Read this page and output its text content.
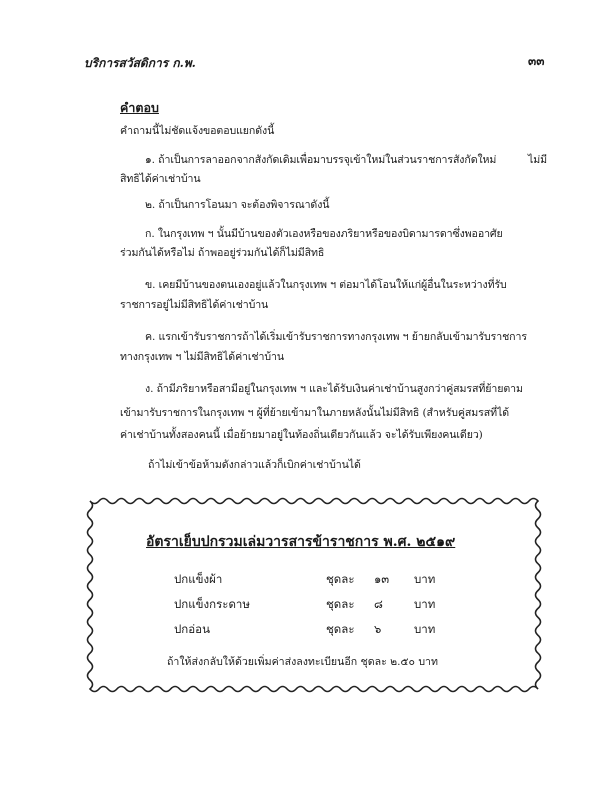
บริการสวัสดิการ ก.พ.	๓๓
คำตอบ
คำถามนี้ไม่ชัดแจ้งขอตอบแยกดังนี้
๑. ถ้าเป็นการลาออกจากสังกัดเดิมเพื่อมาบรรจุเข้าใหม่ในส่วนราชการสังกัดใหม่	ไม่มี
สิทธิได้ค่าเช่าบ้าน
๒. ถ้าเป็นการโอนมา จะต้องพิจารณาดังนี้
ก. ในกรุงเทพ ฯ นั้นมีบ้านของตัวเองหรือของภริยาหรือของบิดามารดาซึ่งพออาศัย
ร่วมกันได้หรือไม่ ถ้าพออยู่ร่วมกันได้ก็ไม่มีสิทธิ
ข. เคยมีบ้านของตนเองอยู่แล้วในกรุงเทพ ฯ ต่อมาได้โอนให้แก่ผู้อื่นในระหว่างที่รับ
ราชการอยู่ไม่มีสิทธิได้ค่าเช่าบ้าน
ค. แรกเข้ารับราชการถ้าได้เริ่มเข้ารับราชการทางกรุงเทพ ฯ ย้ายกลับเข้ามารับราชการ
ทางกรุงเทพ ฯ ไม่มีสิทธิได้ค่าเช่าบ้าน
ง. ถ้ามีภริยาหรือสามีอยู่ในกรุงเทพ ฯ และได้รับเงินค่าเช่าบ้านสูงกว่าคู่สมรสที่ย้ายตาม
เข้ามารับราชการในกรุงเทพ ฯ ผู้ที่ย้ายเข้ามาในภายหลังนั้นไม่มีสิทธิ (สำหรับคู่สมรสที่ได้
ค่าเช่าบ้านทั้งสองคนนี้ เมื่อย้ายมาอยู่ในท้องถิ่นเดียวกันแล้ว จะได้รับเพียงคนเดียว)
ถ้าไม่เข้าข้อห้ามดังกล่าวแล้วก็เบิกค่าเช่าบ้านได้
อัตราเย็บปกรวมเล่มวารสารข้าราชการ พ.ศ. ๒๕๑๙
ปกแข็งผ้า	ชุดละ ๑๓ บาท
ปกแข็งกระดาษ	ชุดละ ๘	บาท
ปกอ่อน	ชุดละ ๖	บาท
ถ้าให้ส่งกลับให้ด้วยเพิ่มค่าส่งลงทะเบียนอีก ชุดละ ๒.๕๐ บาท
